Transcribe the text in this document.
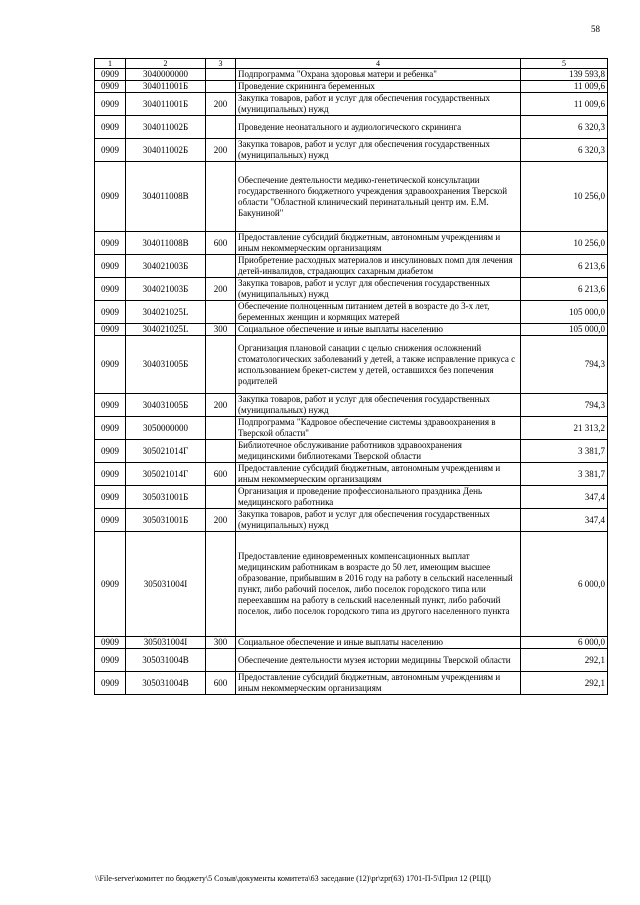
58
1	2	3	4	5
0909	3040000000		Подпрограмма "Охрана здоровья матери и ребенка"	139 593,8
0909	304011001Б		Проведение скрининга беременных	11 009,6
0909	304011001Б	200	Закупка товаров, работ и услуг для обеспечения государственных (муниципальных) нужд	11 009,6
0909	304011002Б		Проведение неонатального и аудиологического скрининга	6 320,3
0909	304011002Б	200	Закупка товаров, работ и услуг для обеспечения государственных (муниципальных) нужд	6 320,3
0909	304011008В		Обеспечение деятельности медико-генетической консультации государственного бюджетного учреждения здравоохранения Тверской области "Областной клинический перинатальный центр им. Е.М. Бакуниной"	10 256,0
0909	304011008В	600	Предоставление субсидий бюджетным, автономным учреждениям и иным некоммерческим организациям	10 256,0
0909	304021003Б		Приобретение расходных материалов и инсулиновых помп для лечения детей-инвалидов, страдающих сахарным диабетом	6 213,6
0909	304021003Б	200	Закупка товаров, работ и услуг для обеспечения государственных (муниципальных) нужд	6 213,6
0909	304021025L		Обеспечение полноценным питанием детей в возрасте до 3-х лет, беременных женщин и кормящих матерей	105 000,0
0909	304021025L	300	Социальное обеспечение и иные выплаты населению	105 000,0
0909	304031005Б		Организация плановой санации с целью снижения осложнений стоматологических заболеваний у детей, а также исправление прикуса с использованием брекет-систем у детей, оставшихся без попечения родителей	794,3
0909	304031005Б	200	Закупка товаров, работ и услуг для обеспечения государственных (муниципальных) нужд	794,3
0909	3050000000		Подпрограмма "Кадровое обеспечение системы здравоохранения в Тверской области"	21 313,2
0909	305021014Г		Библиотечное обслуживание работников здравоохранения медицинскими библиотеками Тверской области	3 381,7
0909	305021014Г	600	Предоставление субсидий бюджетным, автономным учреждениям и иным некоммерческим организациям	3 381,7
0909	305031001Б		Организация и проведение профессионального праздника День медицинского работника	347,4
0909	305031001Б	200	Закупка товаров, работ и услуг для обеспечения государственных (муниципальных) нужд	347,4
0909	305031004I		Предоставление единовременных компенсационных выплат медицинским работникам в возрасте до 50 лет, имеющим высшее образование, прибывшим в 2016 году на работу в сельский населенный пункт, либо рабочий поселок, либо поселок городского типа или переехавшим на работу в сельский населенный пункт, либо рабочий поселок, либо поселок городского типа из другого населенного пункта	6 000,0
0909	305031004I	300	Социальное обеспечение и иные выплаты населению	6 000,0
0909	305031004В		Обеспечение деятельности музея истории медицины Тверской области	292,1
0909	305031004В	600	Предоставление субсидий бюджетным, автономным учреждениям и иным некоммерческим организациям	292,1
\\File-server\комитет по бюджету\5 Созыв\документы комитета\63 заседание (12)\pr\zpr(63) 1701-П-5\Прил 12 (РЦЦ)
